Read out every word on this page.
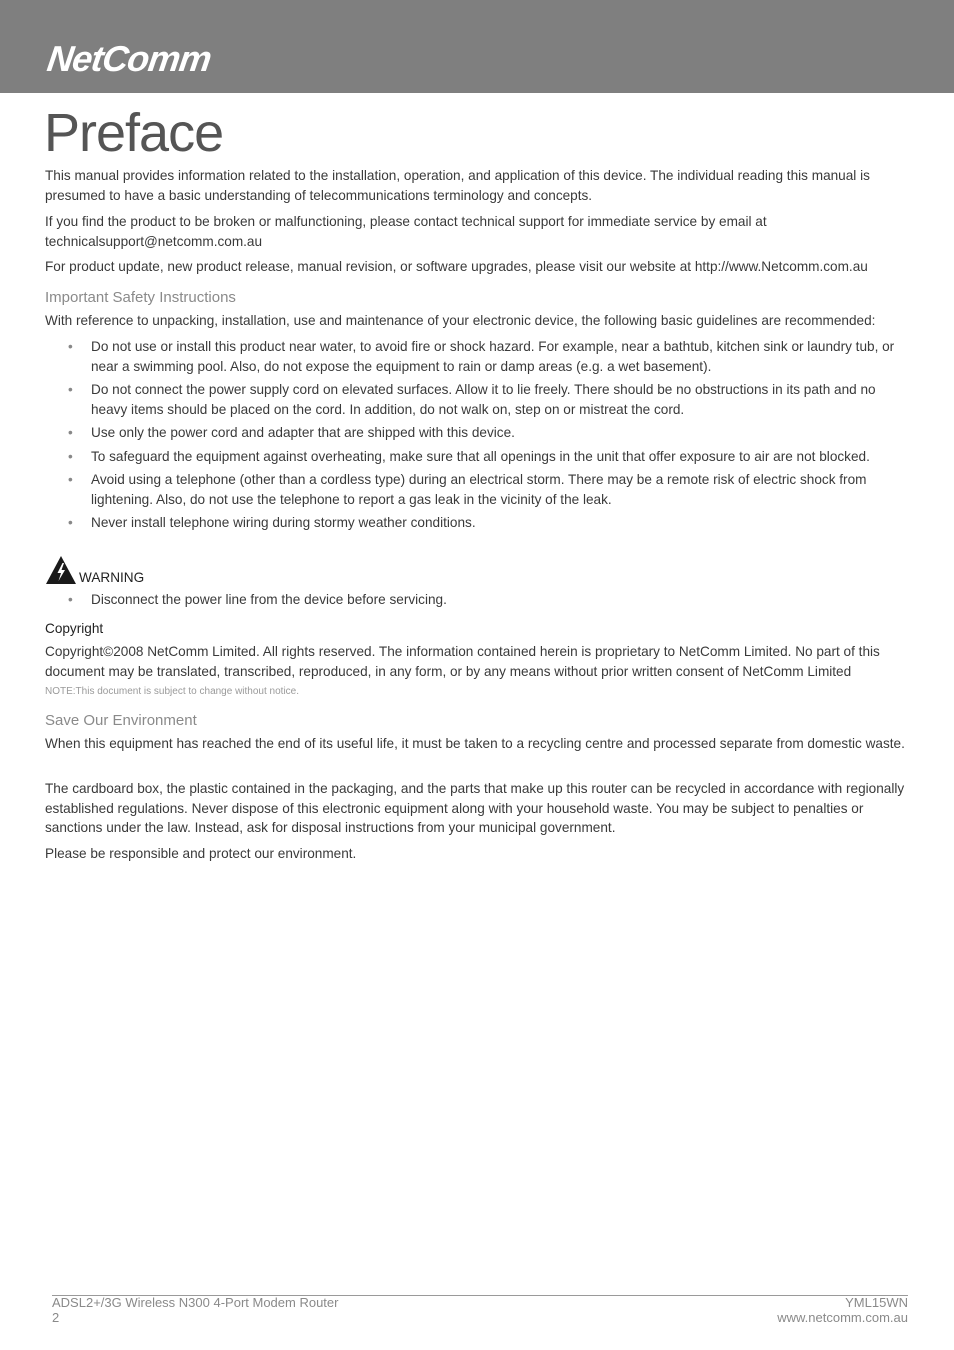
NetComm
Preface

This manual provides information related to the installation, operation, and application of this device. The individual reading this manual is presumed to have a basic understanding of telecommunications terminology and concepts.

If you find the product to be broken or malfunctioning, please contact technical support for immediate service by email at technicalsupport@netcomm.com.au

For product update, new product release, manual revision, or software upgrades, please visit our website at http://www.Netcomm.com.au

Important Safety Instructions

With reference to unpacking, installation, use and maintenance of your electronic device, the following basic guidelines are recommended:

• Do not use or install this product near water, to avoid fire or shock hazard. For example, near a bathtub, kitchen sink or laundry tub, or near a swimming pool. Also, do not expose the equipment to rain or damp areas (e.g. a wet basement).
• Do not connect the power supply cord on elevated surfaces. Allow it to lie freely. There should be no obstructions in its path and no heavy items should be placed on the cord. In addition, do not walk on, step on or mistreat the cord.
• Use only the power cord and adapter that are shipped with this device.
• To safeguard the equipment against overheating, make sure that all openings in the unit that offer exposure to air are not blocked.
• Avoid using a telephone (other than a cordless type) during an electrical storm. There may be a remote risk of electric shock from lightening. Also, do not use the telephone to report a gas leak in the vicinity of the leak.
• Never install telephone wiring during stormy weather conditions.
WARNING
• Disconnect the power line from the device before servicing.
Copyright

Copyright©2008 NetComm Limited. All rights reserved. The information contained herein is proprietary to NetComm Limited. No part of this document may be translated, transcribed, reproduced, in any form, or by any means without prior written consent of NetComm Limited

NOTE:This document is subject to change without notice.

Save Our Environment

When this equipment has reached the end of its useful life, it must be taken to a recycling centre and processed separate from domestic waste.

The cardboard box, the plastic contained in the packaging, and the parts that make up this router can be recycled in accordance with regionally established regulations. Never dispose of this electronic equipment along with your household waste. You may be subject to penalties or sanctions under the law. Instead, ask for disposal instructions from your municipal government.

Please be responsible and protect our environment.

ADSL2+/3G Wireless N300 4-Port Modem Router

2

YML15WN

www.netcomm.com.au
